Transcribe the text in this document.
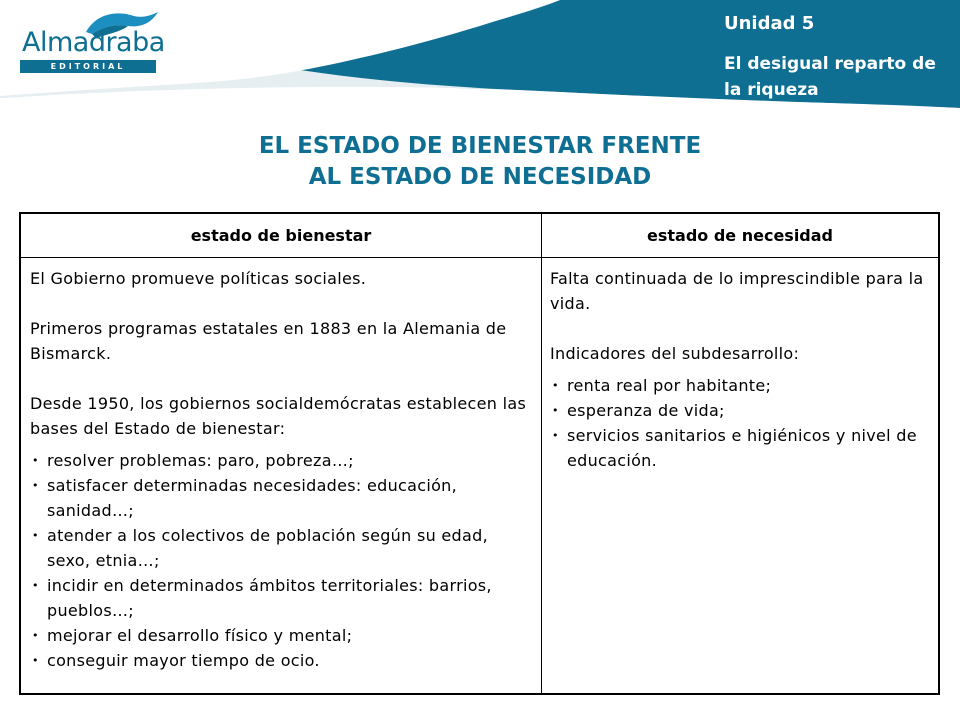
Almadraba
EDITORIAL
Unidad 5
El desigual reparto de la riqueza
EL ESTADO DE BIENESTAR FRENTE
AL ESTADO DE NECESIDAD
estado de bienestar	estado de necesidad

El Gobierno promueve políticas sociales.

Primeros programas estatales en 1883 en la Alemania de Bismarck.

Desde 1950, los gobiernos socialdemócratas establecen las bases del Estado de bienestar:

• resolver problemas: paro, pobreza…;
• satisfacer determinadas necesidades: educación, sanidad…;
• atender a los colectivos de población según su edad, sexo, etnia…;
• incidir en determinados ámbitos territoriales: barrios, pueblos…;
• mejorar el desarrollo físico y mental;
• conseguir mayor tiempo de ocio.

Falta continuada de lo imprescindible para la vida.

Indicadores del subdesarrollo:

• renta real por habitante;
• esperanza de vida;
• servicios sanitarios e higiénicos y nivel de educación.
